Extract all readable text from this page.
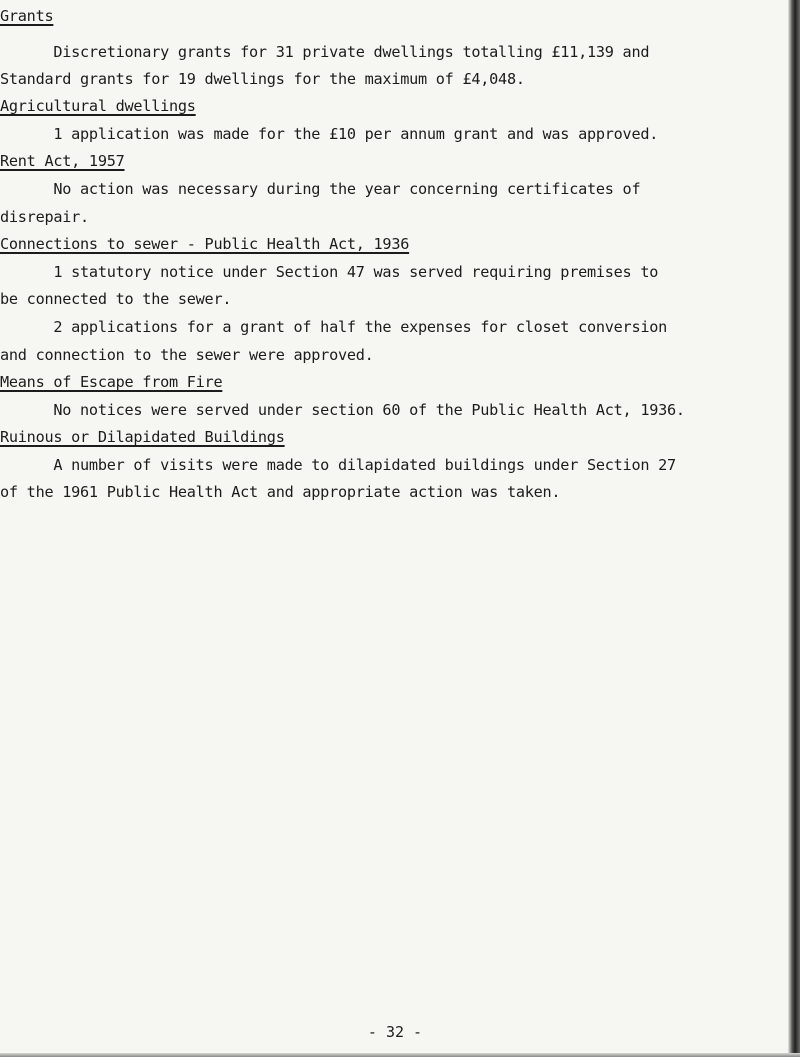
Grants
Discretionary grants for 31 private dwellings totalling £11,139 and
Standard grants for 19 dwellings for the maximum of £4,048.
Agricultural dwellings
1 application was made for the £10 per annum grant and was approved.
Rent Act, 1957
No action was necessary during the year concerning certificates of
disrepair.
Connections to sewer - Public Health Act, 1936
1 statutory notice under Section 47 was served requiring premises to
be connected to the sewer.
2 applications for a grant of half the expenses for closet conversion
and connection to the sewer were approved.
Means of Escape from Fire
No notices were served under section 60 of the Public Health Act, 1936.
Ruinous or Dilapidated Buildings
A number of visits were made to dilapidated buildings under Section 27
of the 1961 Public Health Act and appropriate action was taken.
- 32 -
